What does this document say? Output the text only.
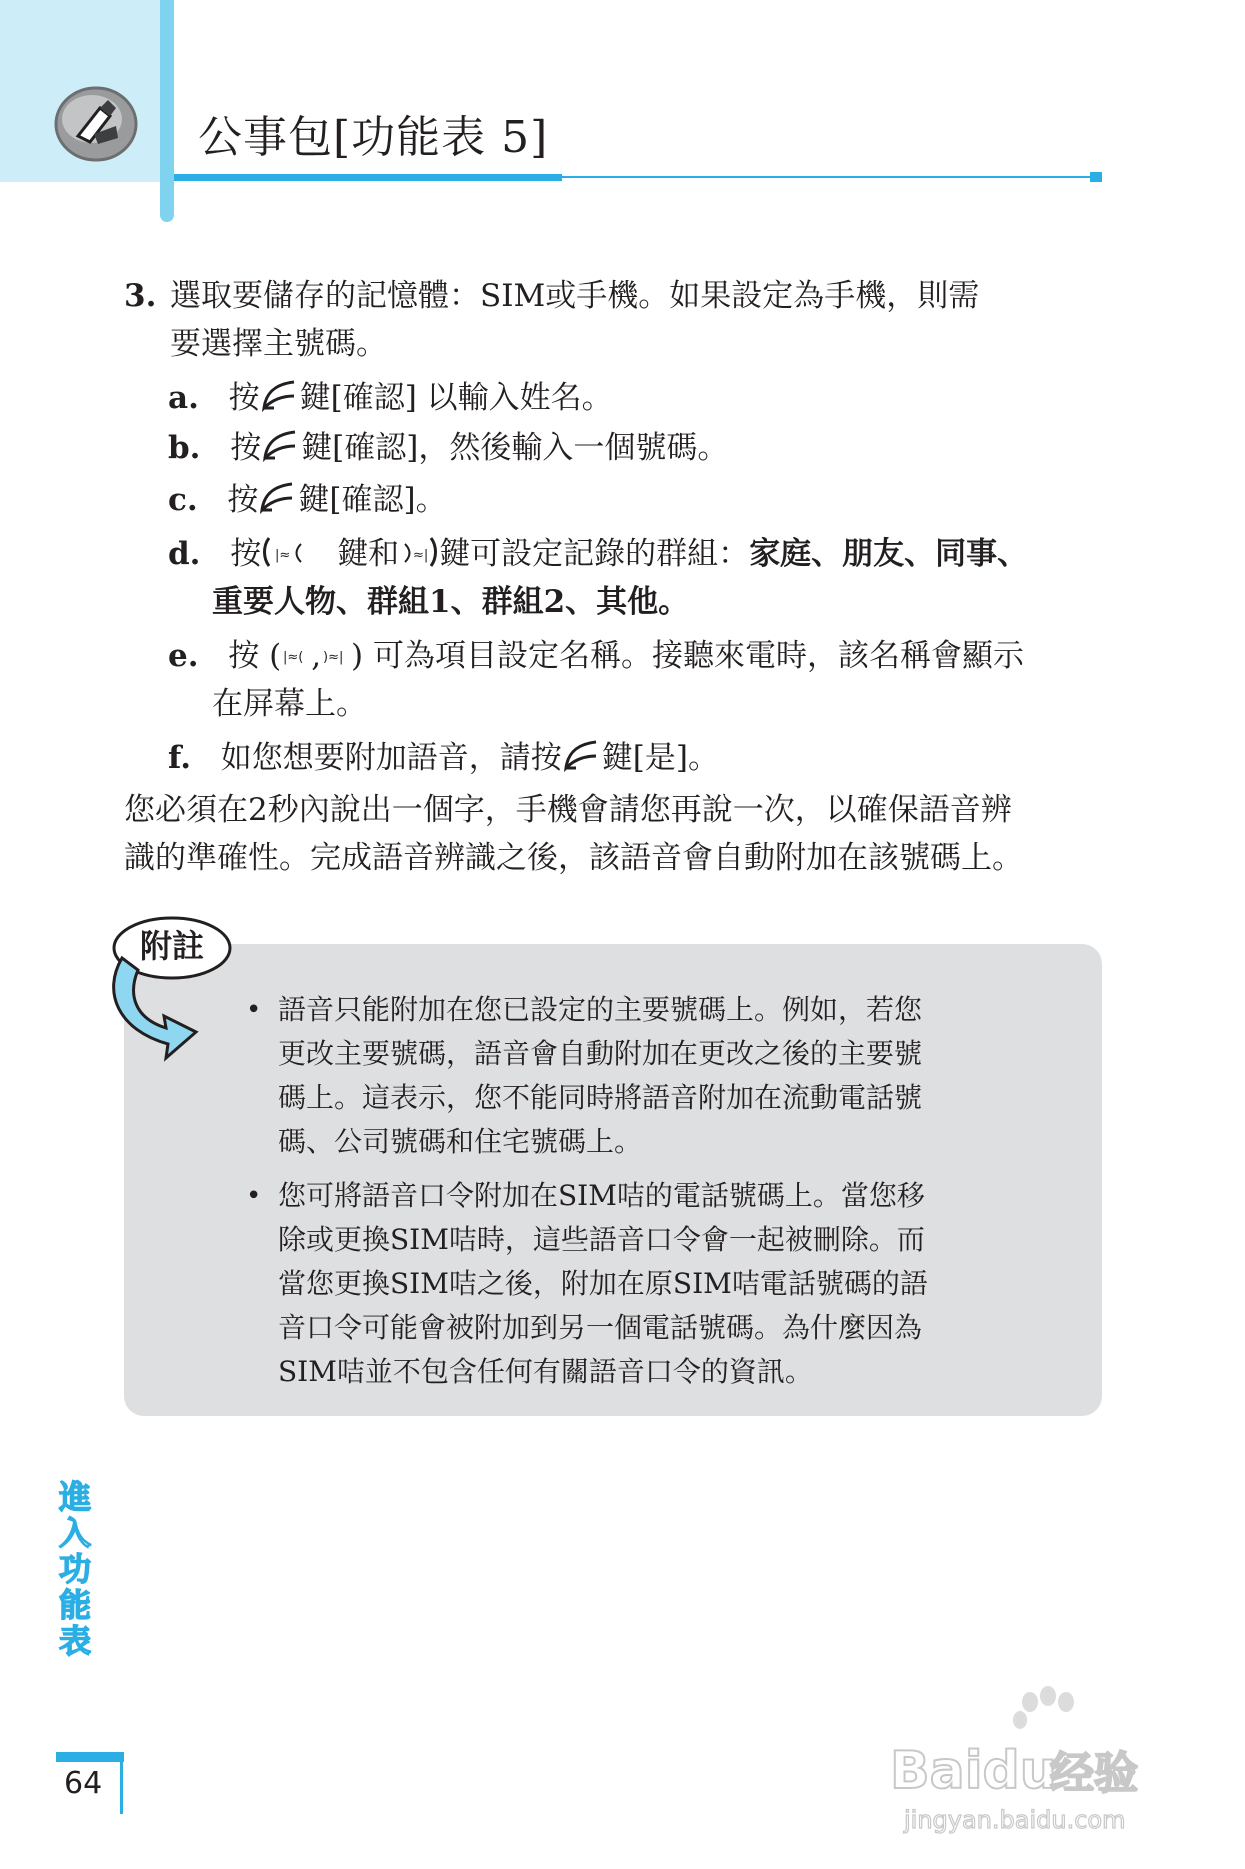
公事包[功能表 5]
3. 選取要儲存的記憶體：SIM或手機。如果設定為手機，則需
要選擇主號碼。
a. 按 鍵[確認] 以輸入姓名。
b. 按 鍵[確認]，然後輸入一個號碼。
c. 按 鍵[確認]。
d. 按 |≈ 鍵和 ≈| 鍵可設定記錄的群組：家庭、朋友、同事、
重要人物、群組1、群組2、其他。
e. 按 ( |≈( , )≈| ) 可為項目設定名稱。接聽來電時，該名稱會顯示
在屏幕上。
f. 如您想要附加語音，請按 鍵[是]。
您必須在2秒內說出一個字，手機會請您再說一次，以確保語音辨
識的準確性。完成語音辨識之後，該語音會自動附加在該號碼上。
附註
• 語音只能附加在您已設定的主要號碼上。例如，若您
更改主要號碼，語音會自動附加在更改之後的主要號
碼上。這表示，您不能同時將語音附加在流動電話號
碼、公司號碼和住宅號碼上。
• 您可將語音口令附加在SIM咭的電話號碼上。當您移
除或更換SIM咭時，這些語音口令會一起被刪除。而
當您更換SIM咭之後，附加在原SIM咭電話號碼的語
音口令可能會被附加到另一個電話號碼。為什麼因為
SIM咭並不包含任何有關語音口令的資訊。
進入功能表
64	Baidu
经验
jingyan.baidu.com
